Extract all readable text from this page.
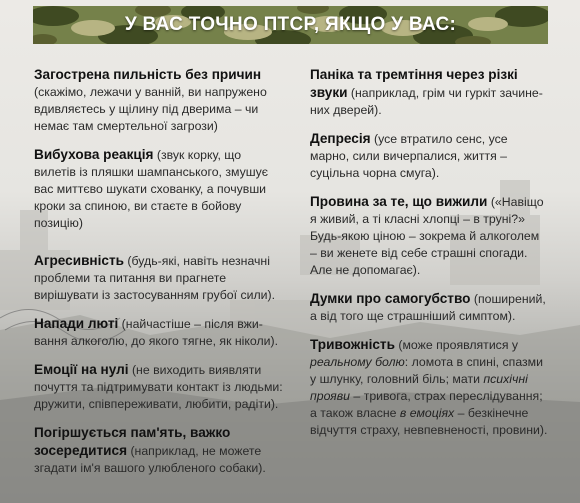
У ВАС ТОЧНО ПТСР, ЯКЩО У ВАС:
Загострена пильність без причин (скажімо, лежачи у ванній, ви напружено вдивляєтесь у щілину під дверима – чи немає там смертельної загрози)
Вибухова реакція (звук корку, що вилетів із пляшки шампанського, змушує вас миттєво шукати схованку, а почувши кроки за спиною, ви стаєте в бойову позицію)
Агресивність (будь-які, навіть незначні проблеми та питання ви прагнете вирішувати із застосуванням грубої сили).
Напади люті (найчастіше – після вживання алкоголю, до якого тягне, як ніколи).
Емоції на нулі (не виходить виявляти почуття та підтримувати контакт із людьми: дружити, співпереживати, любити, радіти).
Погіршується пам'ять, важко зосередитися (наприклад, не можете згадати ім'я вашого улюбленого собаки).
Паніка та тремтіння через різкі звуки (наприклад, грім чи гуркіт зачинених дверей).
Депресія (усе втратило сенс, усе марно, сили вичерпалися, життя – суцільна чорна смуга).
Провина за те, що вижили («Навіщо я живий, а ті класні хлопці – в труні?» Будь-якою ціною – зокрема й алкоголем – ви женете від себе страшні спогади. Але не допомагає).
Думки про самогубство (поширений, а від того ще страшніший симптом).
Тривожність (може проявлятися у реальному болю: ломота в спині, спазми у шлунку, головний біль; мати психічні прояви – тривога, страх переслідування; а також власне в емоціях – безкінечне відчуття страху, невпевненості, провини).
